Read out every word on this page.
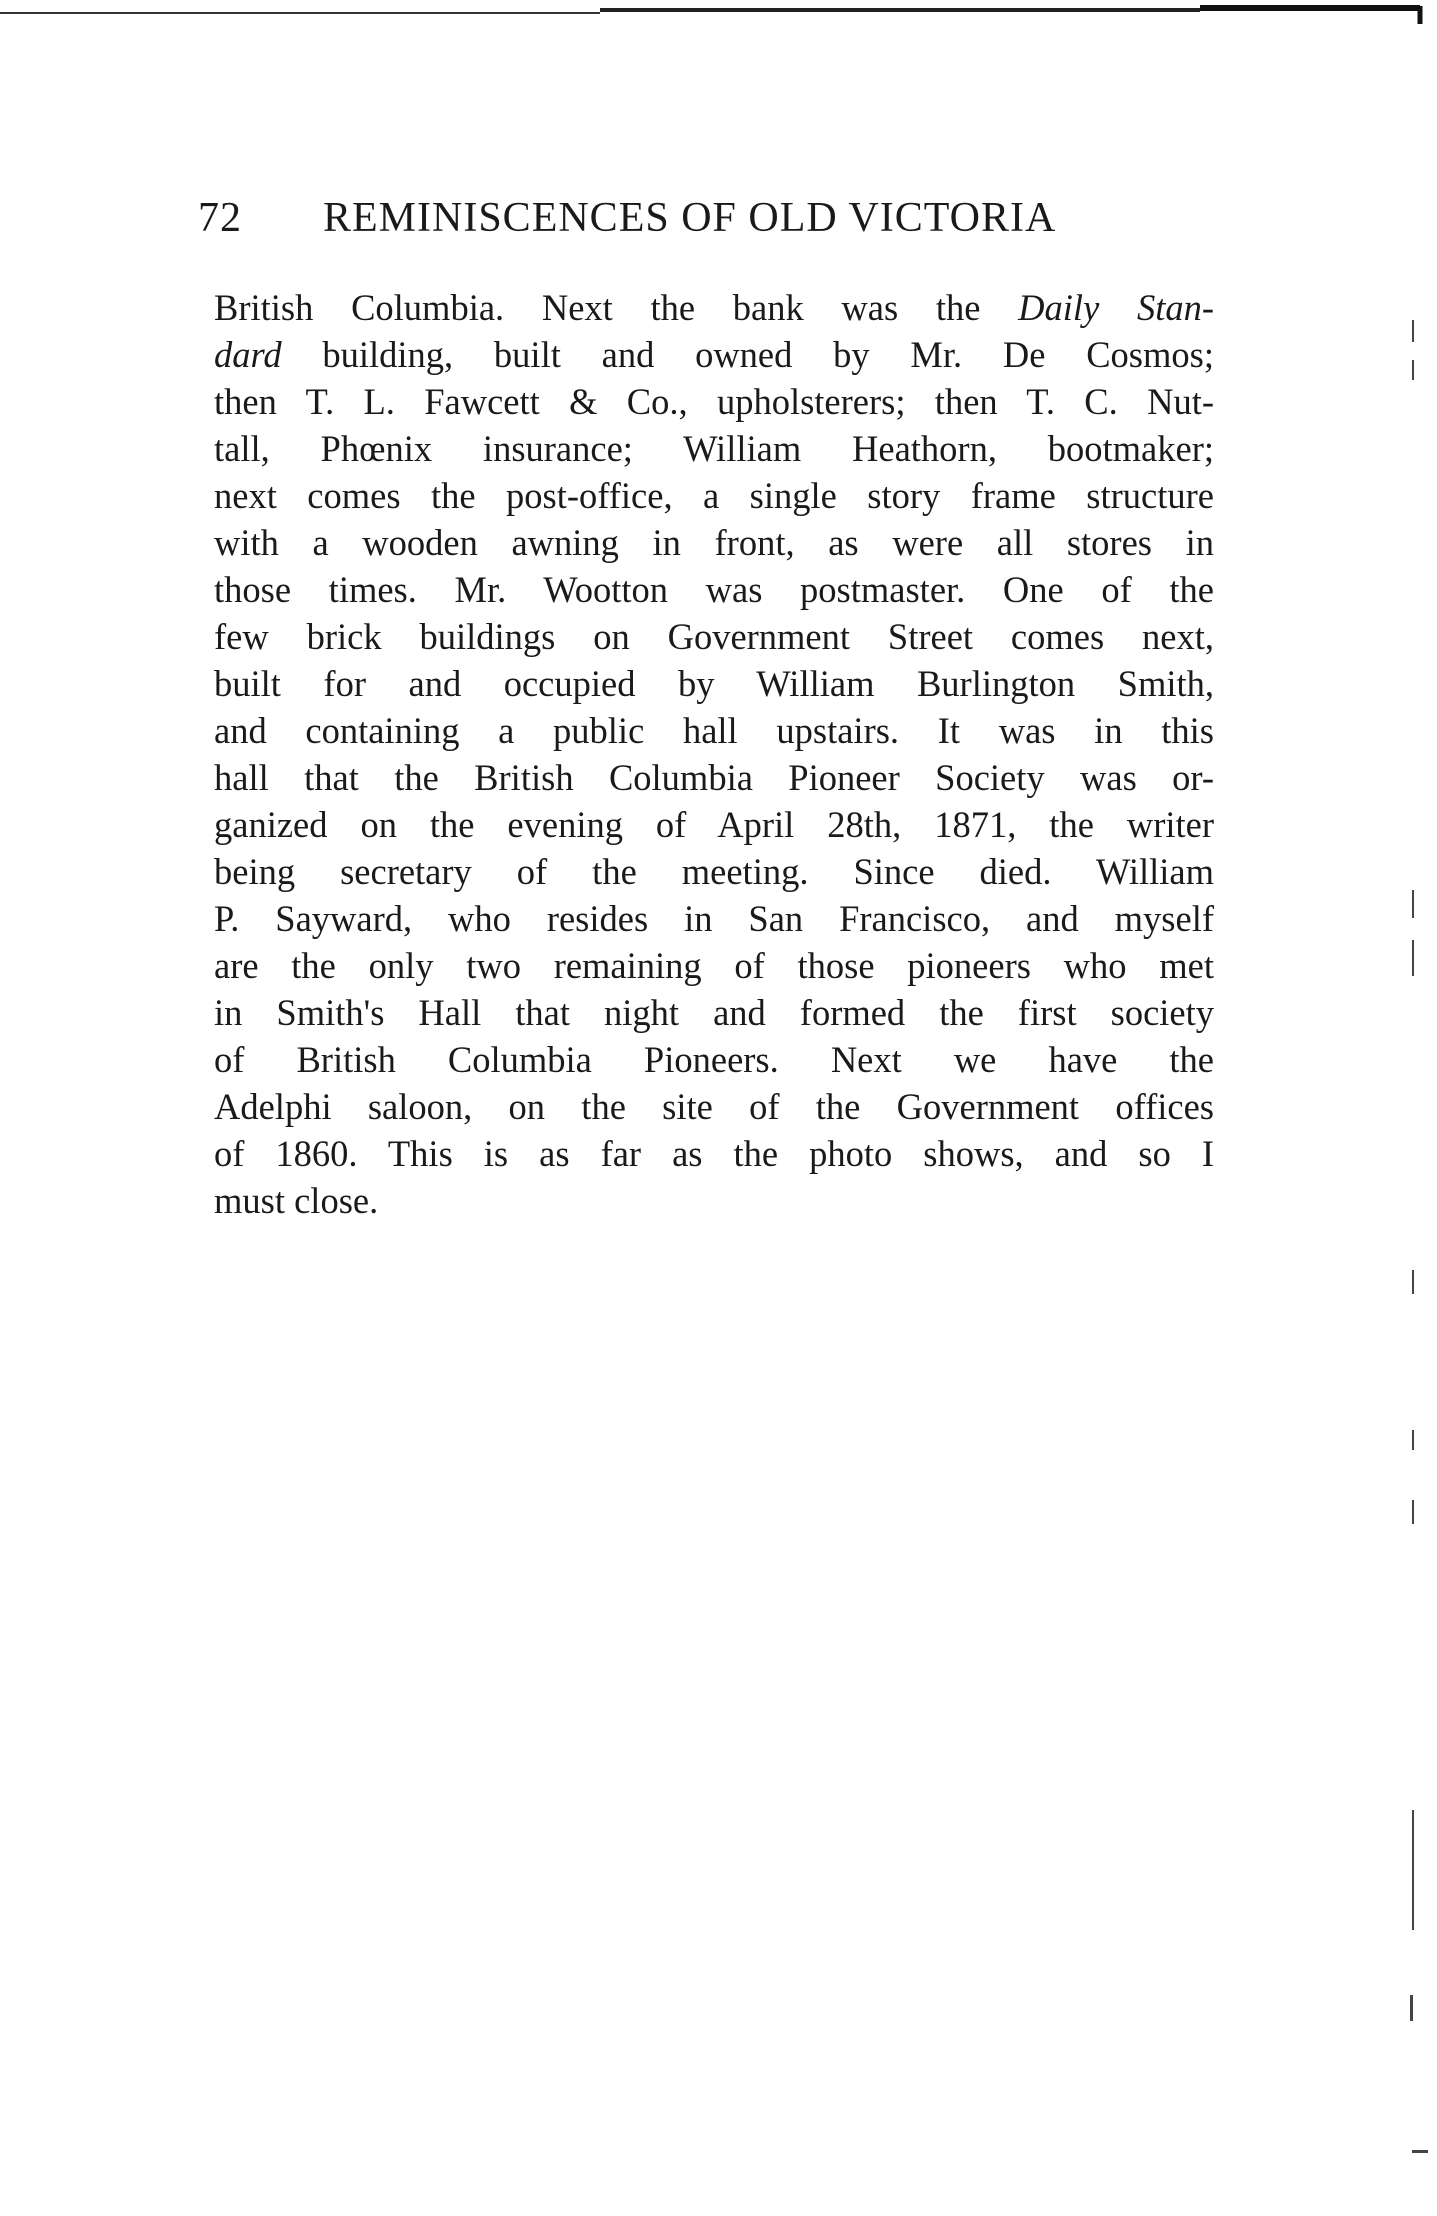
72 REMINISCENCES OF OLD VICTORIA
British Columbia. Next the bank was the Daily Stan-
dard building, built and owned by Mr. De Cosmos;
then T. L. Fawcett & Co., upholsterers; then T. C. Nut-
tall, Phœnix insurance; William Heathorn, bootmaker;
next comes the post-office, a single story frame structure
with a wooden awning in front, as were all stores in
those times. Mr. Wootton was postmaster. One of the
few brick buildings on Government Street comes next,
built for and occupied by William Burlington Smith,
and containing a public hall upstairs. It was in this
hall that the British Columbia Pioneer Society was or-
ganized on the evening of April 28th, 1871, the writer
being secretary of the meeting. Since died. William
P. Sayward, who resides in San Francisco, and myself
are the only two remaining of those pioneers who met
in Smith's Hall that night and formed the first society
of British Columbia Pioneers. Next we have the
Adelphi saloon, on the site of the Government offices
of 1860. This is as far as the photo shows, and so I
must close.
